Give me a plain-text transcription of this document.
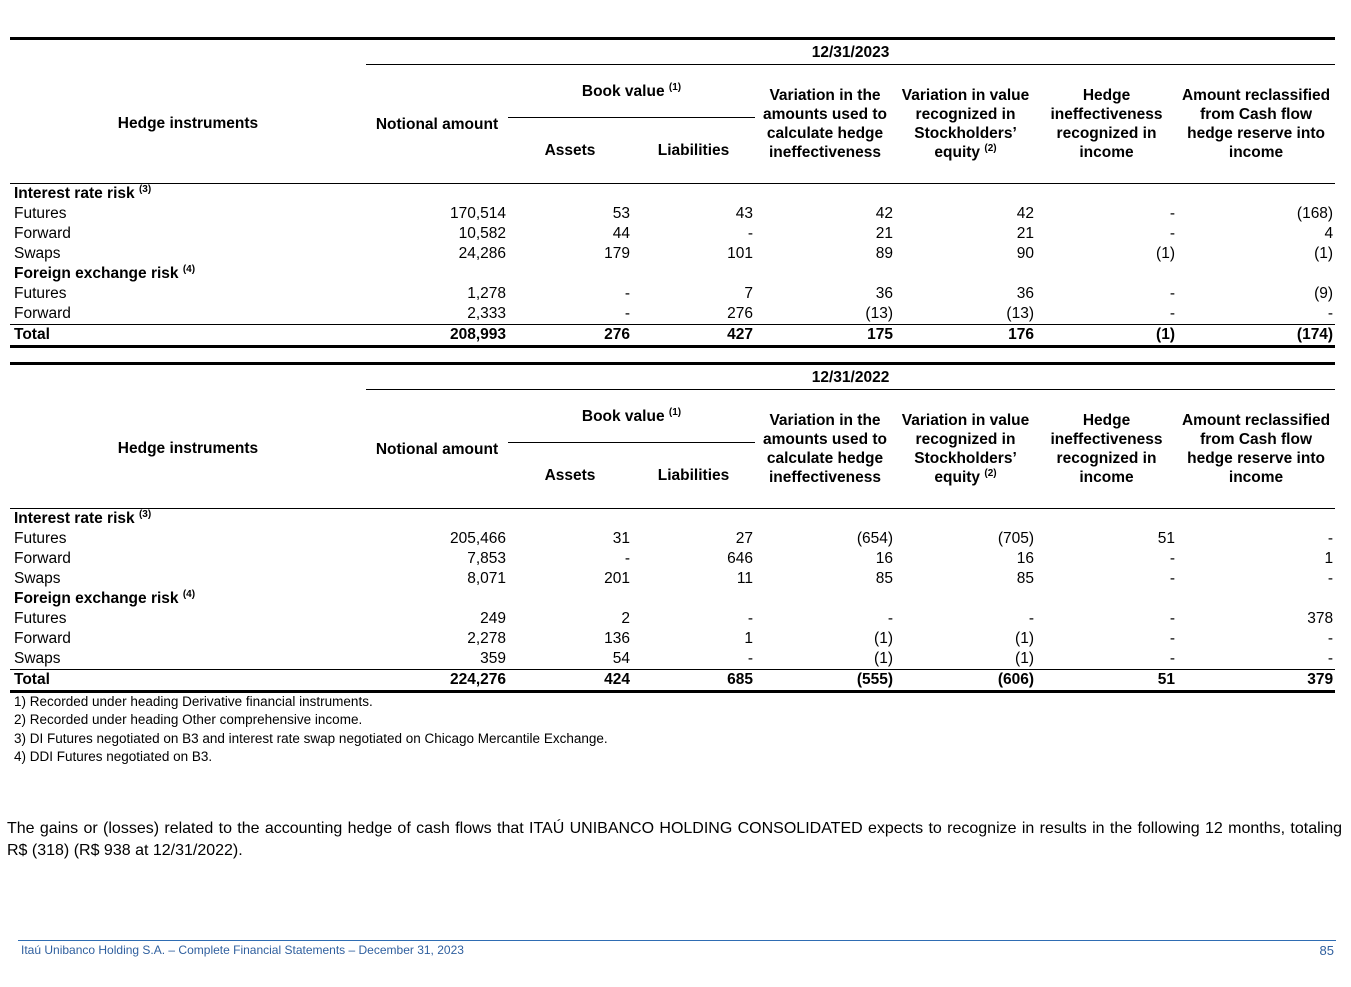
	12/31/2023						
Hedge instruments	Notional amount	Book value $^{(1)}$		Variation in the amounts used to calculate hedge ineffectiveness	Variation in value recognized in Stockholders’ equity $^{(2)}$	Hedge ineffectiveness recognized in income	Amount reclassified from Cash flow hedge reserve into income
		Assets	Liabilities				
Interest rate risk $^{(3)}$
Futures	170,514	53	43	42	42	-	(168)
Forward	10,582	44	-	21	21	-	4
Swaps	24,286	179	101	89	90	(1)	(1)
Foreign exchange risk $^{(4)}$
Futures	1,278	-	7	36	36	-	(9)
Forward	2,333	-	276	(13)	(13)	-	-
Total	208,993	276	427	175	176	(1)	(174)
	12/31/2022						
Hedge instruments	Notional amount	Book value $^{(1)}$		Variation in the amounts used to calculate hedge ineffectiveness	Variation in value recognized in Stockholders’ equity $^{(2)}$	Hedge ineffectiveness recognized in income	Amount reclassified from Cash flow hedge reserve into income
		Assets	Liabilities				
Interest rate risk $^{(3)}$
Futures	205,466	31	27	(654)	(705)	51	-
Forward	7,853	-	646	16	16	-	1
Swaps	8,071	201	11	85	85	-	-
Foreign exchange risk $^{(4)}$
Futures	249	2	-	-	-	-	378
Forward	2,278	136	1	(1)	(1)	-	-
Swaps	359	54	-	(1)	(1)	-	-
Total	224,276	424	685	(555)	(606)	51	379
1) Recorded under heading Derivative financial instruments.
2) Recorded under heading Other comprehensive income.
3) DI Futures negotiated on B3 and interest rate swap negotiated on Chicago Mercantile Exchange.
4) DDI Futures negotiated on B3.
The gains or (losses) related to the accounting hedge of cash flows that ITAÚ UNIBANCO HOLDING CONSOLIDATED expects to recognize in results in the following 12 months, totaling R$ (318) (R$ 938 at 12/31/2022).
Itaú Unibanco Holding S.A. – Complete Financial Statements – December 31, 2023	85
